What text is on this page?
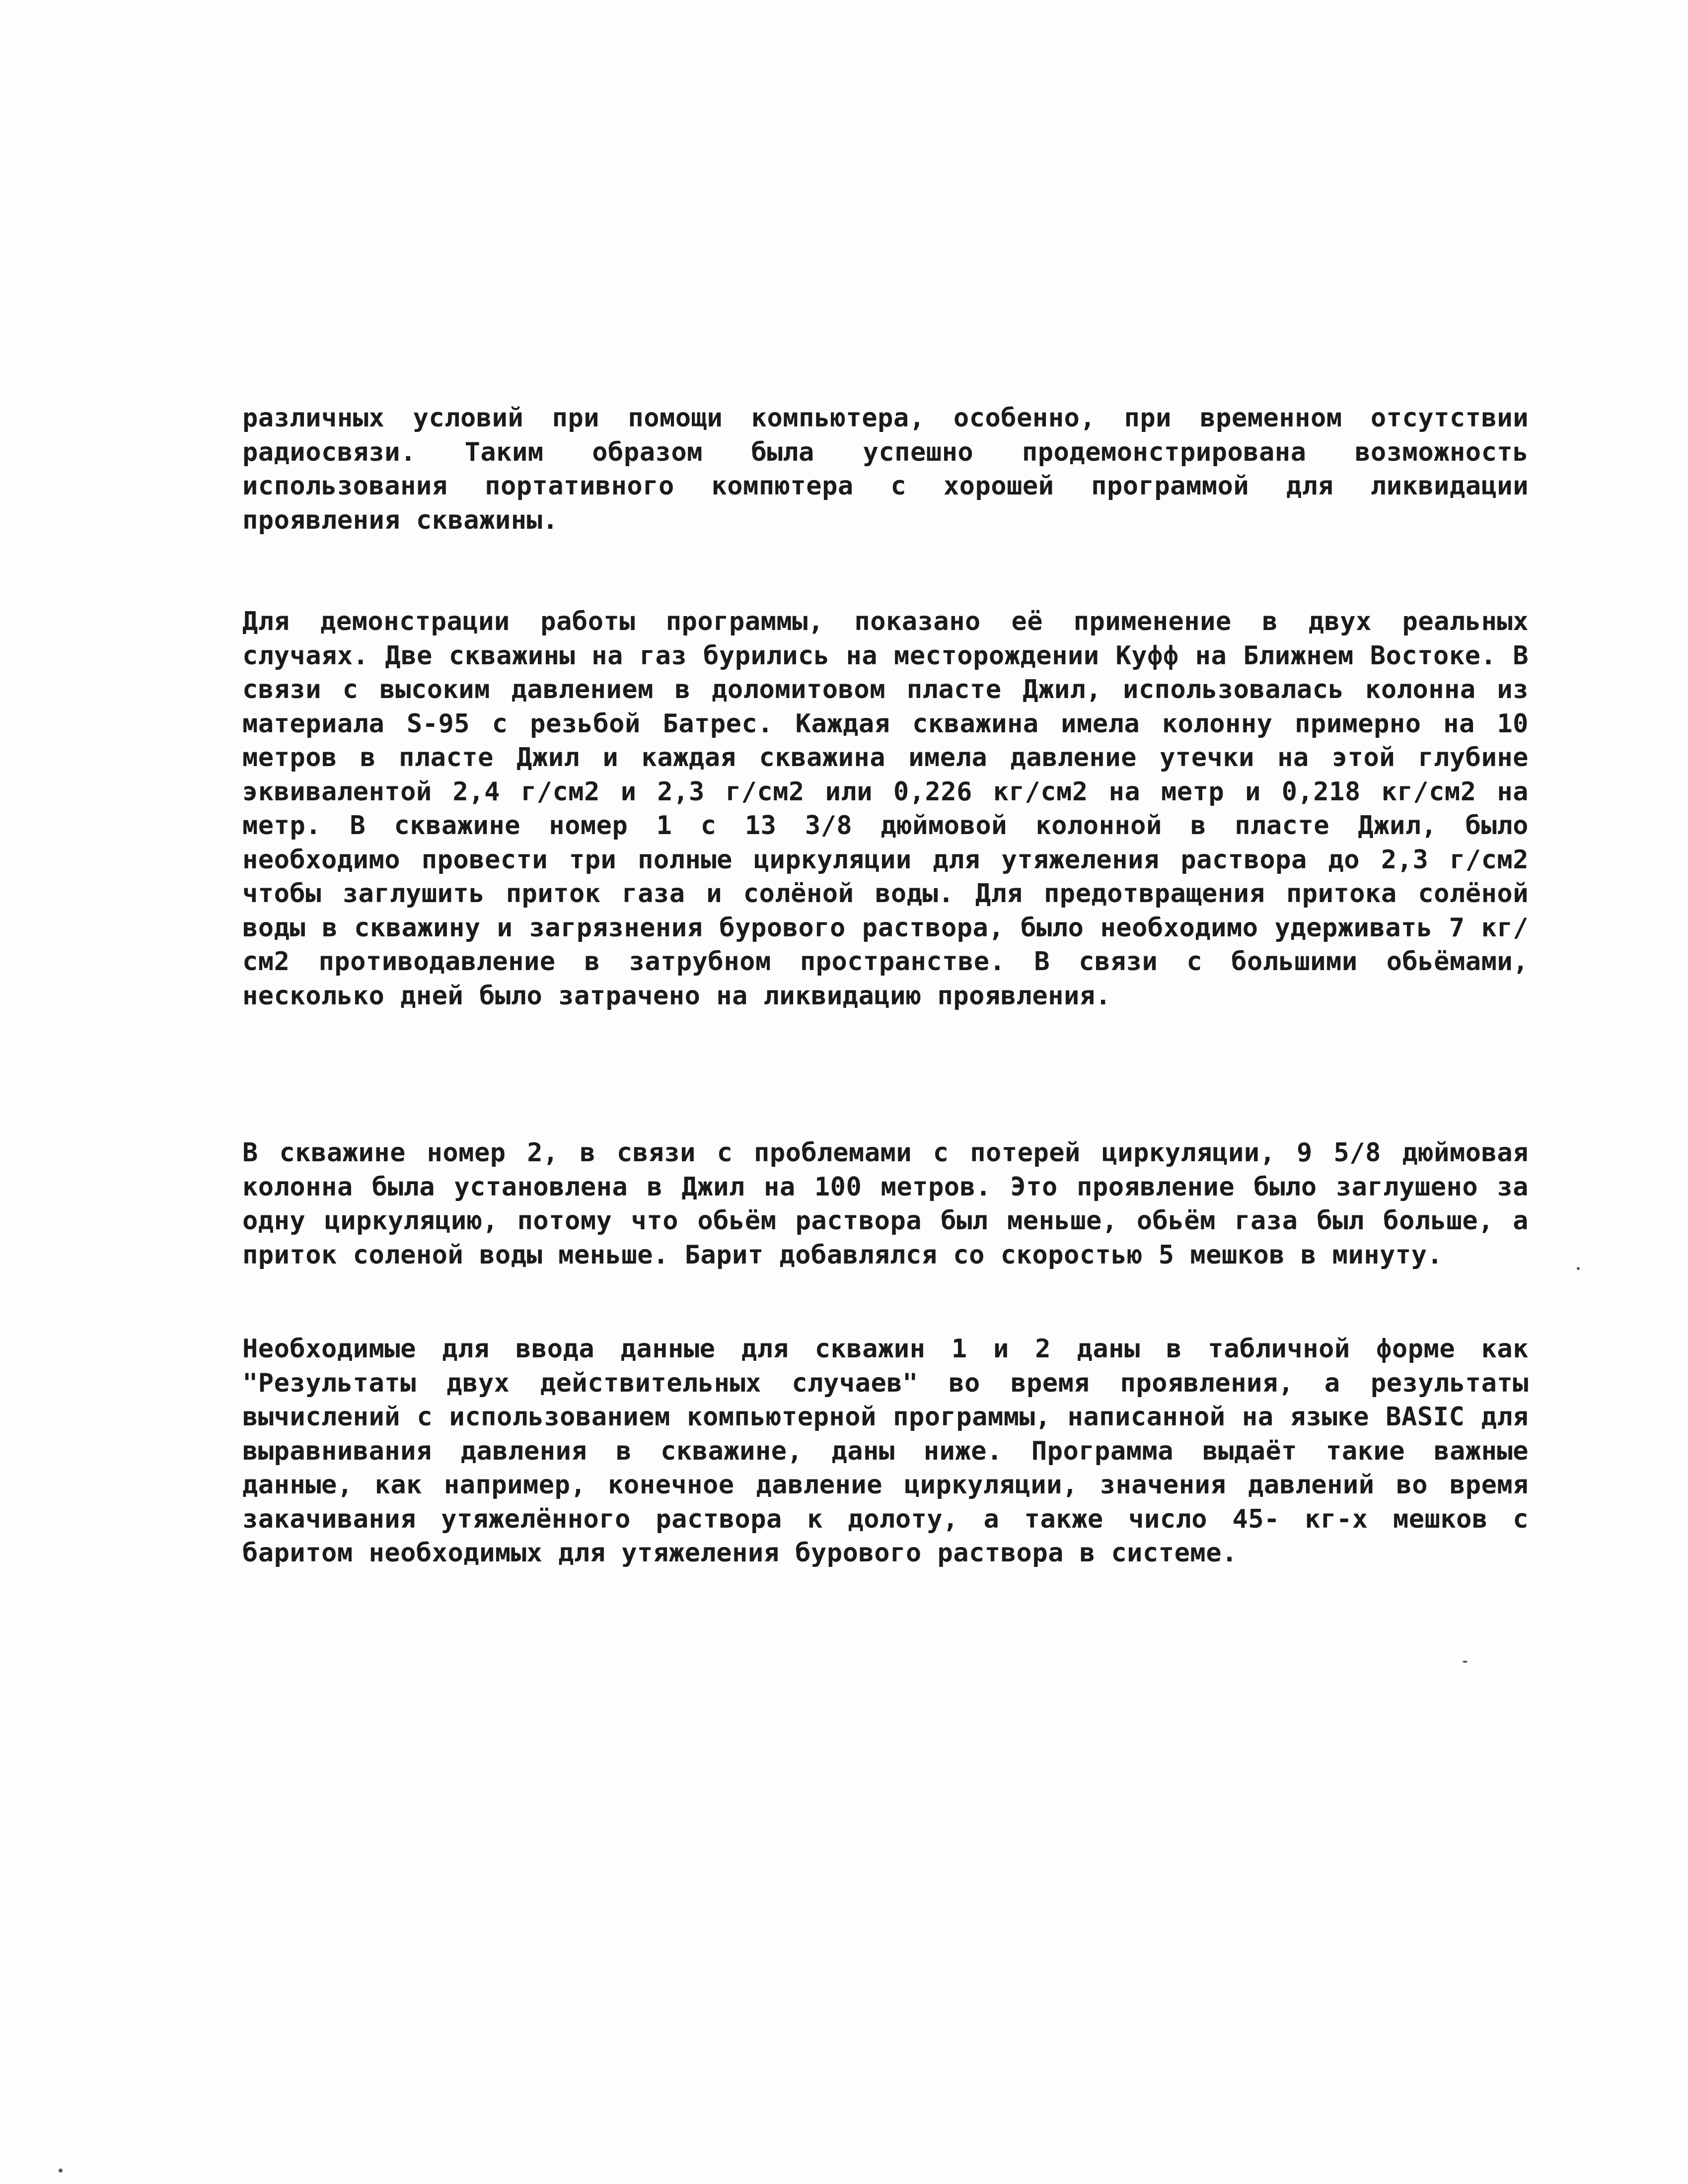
различных условий при помощи компьютера, особенно, при временном отсутствии радиосвязи. Таким образом была успешно продемонстрирована возможность использования портативного компютера с хорошей программой для ликвидации проявления скважины.

Для демонстрации работы программы, показано её применение в двух реальных случаях. Две скважины на газ бурились на месторождении Куфф на Ближнем Востоке. В связи с высоким давлением в доломитовом пласте Джил, использовалась колонна из материала S-95 с резьбой Батрес. Каждая скважина имела колонну примерно на 10 метров в пласте Джил и каждая скважина имела давление утечки на этой глубине эквивалентой 2,4 г/см2 и 2,3 г/см2 или 0,226 кг/см2 на метр и 0,218 кг/см2 на метр. В скважине номер 1 с 13 3/8 дюймовой колонной в пласте Джил, было необходимо провести три полные циркуляции для утяжеления раствора до 2,3 г/см2 чтобы заглушить приток газа и солёной воды. Для предотвращения притока солёной воды в скважину и загрязнения бурового раствора, было необходимо удерживать 7 кг/см2 противодавление в затрубном пространстве. В связи с большими обьёмами, несколько дней было затрачено на ликвидацию проявления.

В скважине номер 2, в связи с проблемами с потерей циркуляции, 9 5/8 дюймовая колонна была установлена в Джил на 100 метров. Это проявление было заглушено за одну циркуляцию, потому что обьём раствора был меньше, обьём газа был больше, а приток соленой воды меньше. Барит добавлялся со скоростью 5 мешков в минуту.

Необходимые для ввода данные для скважин 1 и 2 даны в табличной форме как "Результаты двух действительных случаев" во время проявления, а результаты вычислений с использованием компьютерной программы, написанной на языке BASIC для выравнивания давления в скважине, даны ниже. Программа выдаёт такие важные данные, как например, конечное давление циркуляции, значения давлений во время закачивания утяжелённого раствора к долоту, а также число 45- кг-х мешков с баритом необходимых для утяжеления бурового раствора в системе.
